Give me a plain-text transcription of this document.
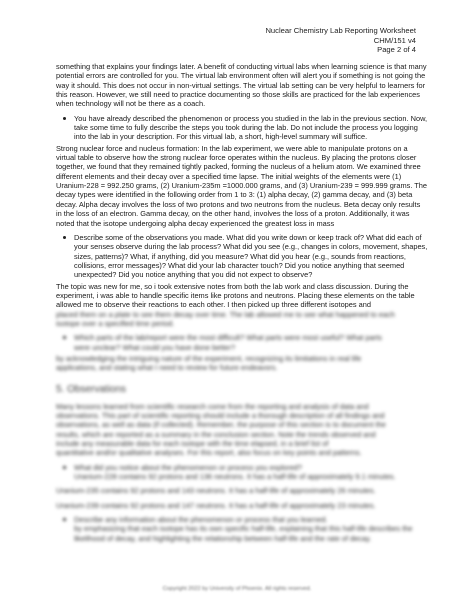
Nuclear Chemistry Lab Reporting Worksheet
CHM/151 v4
Page 2 of 4

something that explains your findings later. A benefit of conducting virtual labs when learning science is that many potential errors are controlled for you. The virtual lab environment often will alert you if something is not going the way it should. This does not occur in non-virtual settings. The virtual lab setting can be very helpful to learners for this reason. However, we still need to practice documenting so those skills are practiced for the lab experiences when technology will not be there as a coach.

You have already described the phenomenon or process you studied in the lab in the previous section. Now, take some time to fully describe the steps you took during the lab. Do not include the process you logging into the lab in your description. For this virtual lab, a short, high-level summary will suffice.

Strong nuclear force and nucleus formation: In the lab experiment, we were able to manipulate protons on a virtual table to observe how the strong nuclear force operates within the nucleus. By placing the protons closer together, we found that they remained tightly packed, forming the nucleus of a helium atom. We examined three different elements and their decay over a specified time lapse. The initial weights of the elements were (1) Uranium-228 = 992.250 grams, (2) Uranium-235m =1000.000 grams, and (3) Uranium-239 = 999.999 grams. The decay types were identified in the following order from 1 to 3: (1) alpha decay, (2) gamma decay, and (3) beta decay. Alpha decay involves the loss of two protons and two neutrons from the nucleus. Beta decay only results in the loss of an electron. Gamma decay, on the other hand, involves the loss of a proton. Additionally, it was noted that the isotope undergoing alpha decay experienced the greatest loss in mass

Describe some of the observations you made. What did you write down or keep track of? What did each of your senses observe during the lab process? What did you see (e.g., changes in colors, movement, shapes, sizes, patterns)? What, if anything, did you measure? What did you hear (e.g., sounds from reactions, collisions, error messages)? What did your lab character touch? Did you notice anything that seemed unexpected? Did you notice anything that you did not expect to observe?

The topic was new for me, so i took extensive notes from both the lab work and class discussion. During the experiment, i was able to handle specific items like protons and neutrons. Placing these elements on the table allowed me to observe their reactions to each other. I then picked up three different isotopes and

placed them on a plate to see them decay over time. The lab allowed me to see what happened to each

isotope over a specified time period.

Which parts of the lab/report were the most difficult? What parts were most useful? What parts

were unclear? What could you have done better?

by acknowledging the intriguing nature of the experiment, recognizing its limitations in real life

applications, and stating what I need to review for future endeavors.

5. Observations

Many lessons learned from scientific research come from the reporting and analysis of data and

observations. This part of scientific reporting should include a thorough description of all findings and

observations, as well as data (if collected). Remember, the purpose of this section is to document the

results, which are reported as a summary in the conclusion section. Note the trends observed and

include any measurable data for each isotope with the time elapsed, in a brief list of

quantitative and/or qualitative analyses. For this report, also focus on key points and patterns.

What did you notice about the phenomenon or process you explored?

Uranium-228 contains 92 protons and 136 neutrons. It has a half-life of approximately 9.1 minutes.

Uranium-235 contains 92 protons and 143 neutrons. It has a half-life of approximately 26 minutes.

Uranium-239 contains 92 protons and 147 neutrons. It has a half-life of approximately 23 minutes.

Describe any information about the phenomenon or process that you learned.

by emphasizing that each isotope has its own specific half-life, explaining that this half-life describes the

likelihood of decay, and highlighting the relationship between half-life and the rate of decay.

Copyright 2022 by University of Phoenix. All rights reserved.
